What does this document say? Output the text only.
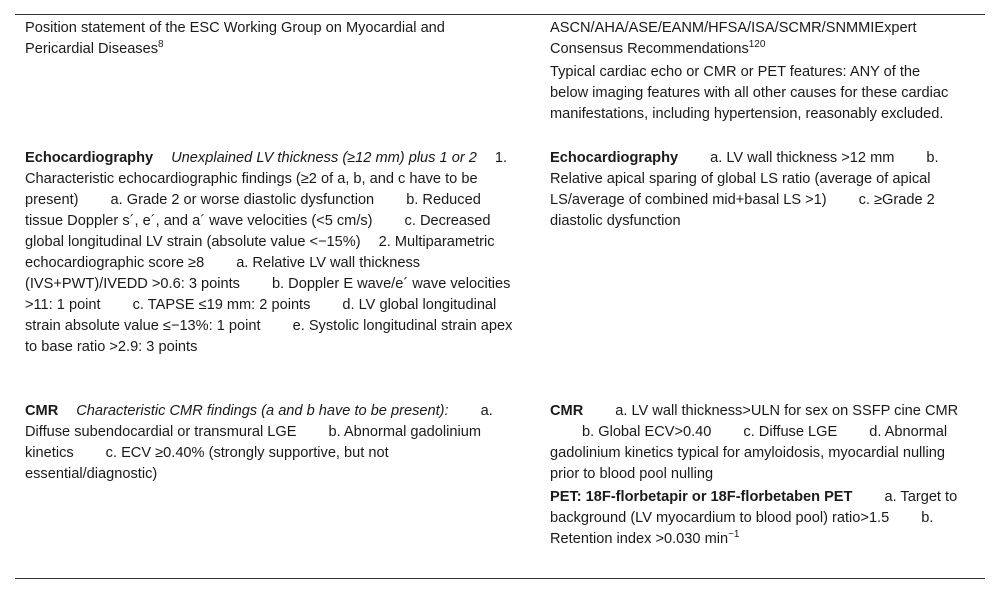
Position statement of the ESC Working Group on Myocardial and Pericardial Diseases$^8$

ASCN/AHA/ASE/EANM/HFSA/ISA/SCMR/SNMMIExpert Consensus Recommendations$^{120}$

Typical cardiac echo or CMR or PET features: ANY of the below imaging features with all other causes for these cardiac manifestations, including hypertension, reasonably excluded.

Echocardiography Unexplained LV thickness (≥12 mm) plus 1 or 2 1. Characteristic echocardiographic findings (≥2 of a, b, and c have to be present) a. Grade 2 or worse diastolic dysfunction b. Reduced tissue Doppler s´, e´, and a´ wave velocities (<5 cm/s) c. Decreased global longitudinal LV strain (absolute value <−15%) 2. Multiparametric echocardiographic score ≥8 a. Relative LV wall thickness (IVS+PWT)/IVEDD >0.6: 3 points b. Doppler E wave/e´ wave velocities >11: 1 point c. TAPSE ≤19 mm: 2 points d. LV global longitudinal strain absolute value ≤−13%: 1 point e. Systolic longitudinal strain apex to base ratio >2.9: 3 points

Echocardiography a. LV wall thickness >12 mm b. Relative apical sparing of global LS ratio (average of apical LS/average of combined mid+basal LS >1) c. ≥Grade 2 diastolic dysfunction

CMR Characteristic CMR findings (a and b have to be present): a. Diffuse subendocardial or transmural LGE b. Abnormal gadolinium kinetics c. ECV ≥0.40% (strongly supportive, but not essential/diagnostic)

CMR a. LV wall thickness>ULN for sex on SSFP cine CMRb. Global ECV>0.40 c. Diffuse LGE d. Abnormal gadolinium kinetics typical for amyloidosis, myocardial nulling prior to blood pool nulling

PET: 18F-florbetapir or 18F-florbetaben PET a. Target to background (LV myocardium to blood pool) ratio>1.5 b. Retention index >0.030 $\min^{-1}$
